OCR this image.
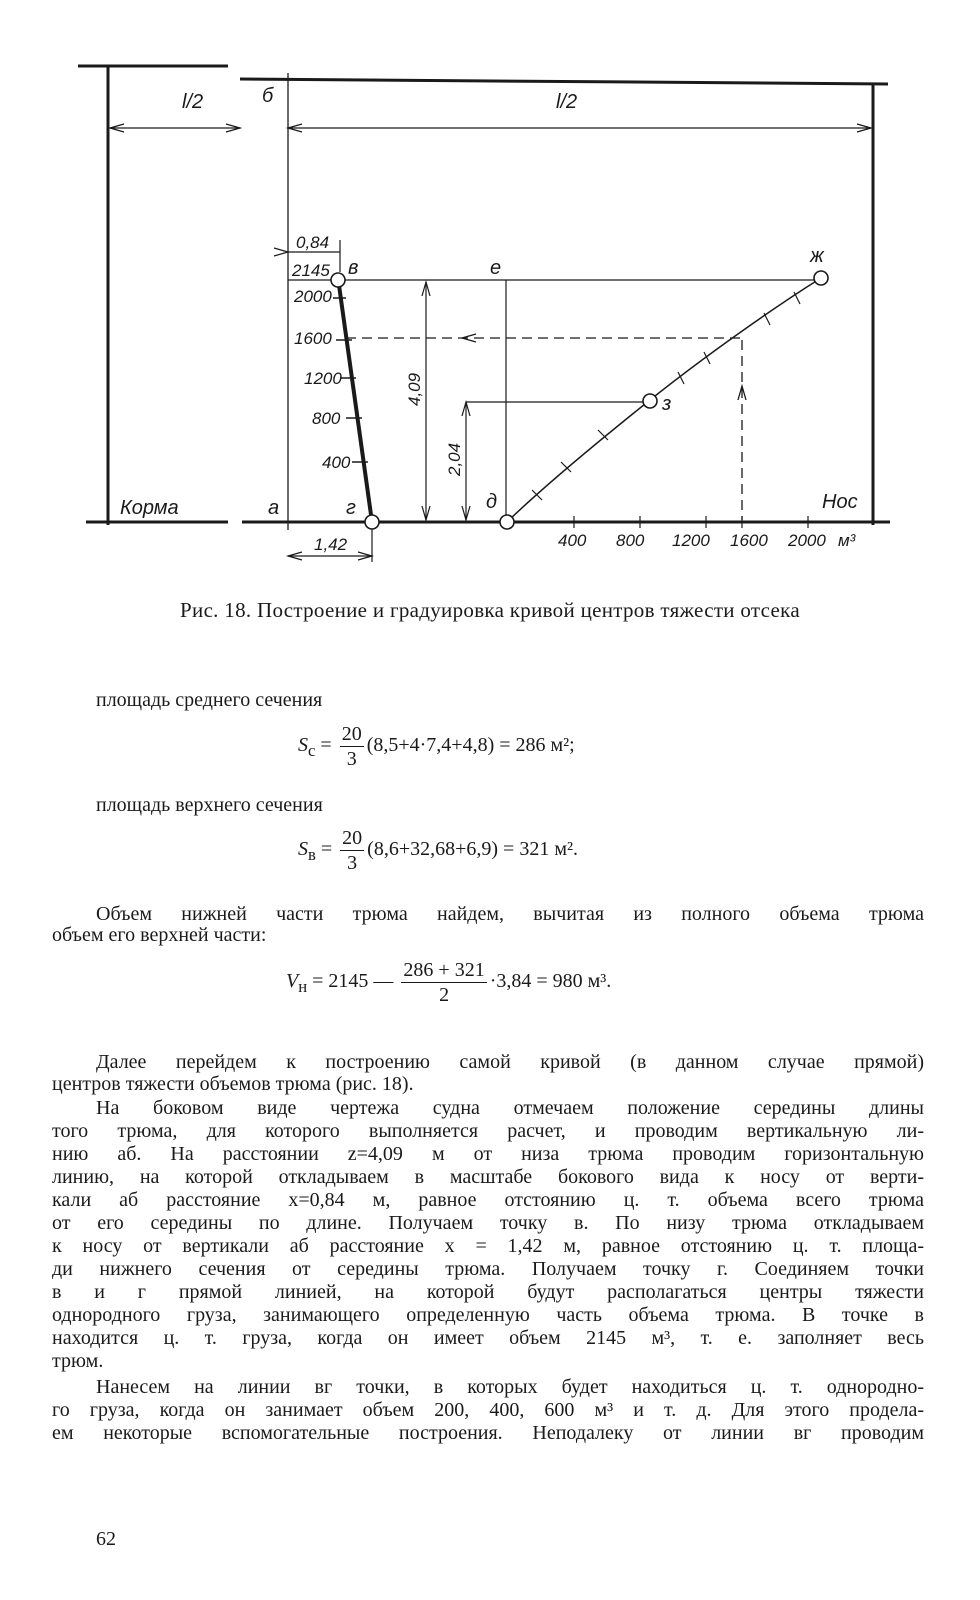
l/2	б	l/2
0,84
2145 в	е
ж
2000
1600
1200
800
400
4,09	з
2,04
Корма	а	г	д	Нос
1,42	400 800 1200 1600 2000 м³
Рис. 18. Построение и градуировка кривой центров тяжести отсека
площадь среднего сечения
$S_с = \frac{20}{3} (8,5+4\cdot 7,4+4,8) = 286$ м²;
площадь верхнего сечения
$S_в = \frac{20}{3} (8,6+32,68+6,9) = 321$ м².
Объем нижней части трюма найдем, вычитая из полного объема трюма
объем его верхней части:
$V_н = 2145$ — $\frac{286 + 321}{2} \cdot 3,84 = 980$ м³.
Далее перейдем к построению самой кривой (в данном случае прямой)
центров тяжести объемов трюма (рис. 18).
На боковом виде чертежа судна отмечаем положение середины длины
того трюма, для которого выполняется расчет, и проводим вертикальную ли-
нию аб. На расстоянии z=4,09 м от низа трюма проводим горизонтальную
линию, на которой откладываем в масштабе бокового вида к носу от верти-
кали аб расстояние x=0,84 м, равное отстоянию ц. т. объема всего трюма
от его середины по длине. Получаем точку в. По низу трюма откладываем
к носу от вертикали аб расстояние x = 1,42 м, равное отстоянию ц. т. площа-
ди нижнего сечения от середины трюма. Получаем точку г. Соединяем точки
в и г прямой линией, на которой будут располагаться центры тяжести
однородного груза, занимающего определенную часть объема трюма. В точке в
находится ц. т. груза, когда он имеет объем 2145 м³, т. е. заполняет весь
трюм.
Нанесем на линии вг точки, в которых будет находиться ц. т. однородно-
го груза, когда он занимает объем 200, 400, 600 м³ и т. д. Для этого продела-
ем некоторые вспомогательные построения. Неподалеку от линии вг проводим
62
